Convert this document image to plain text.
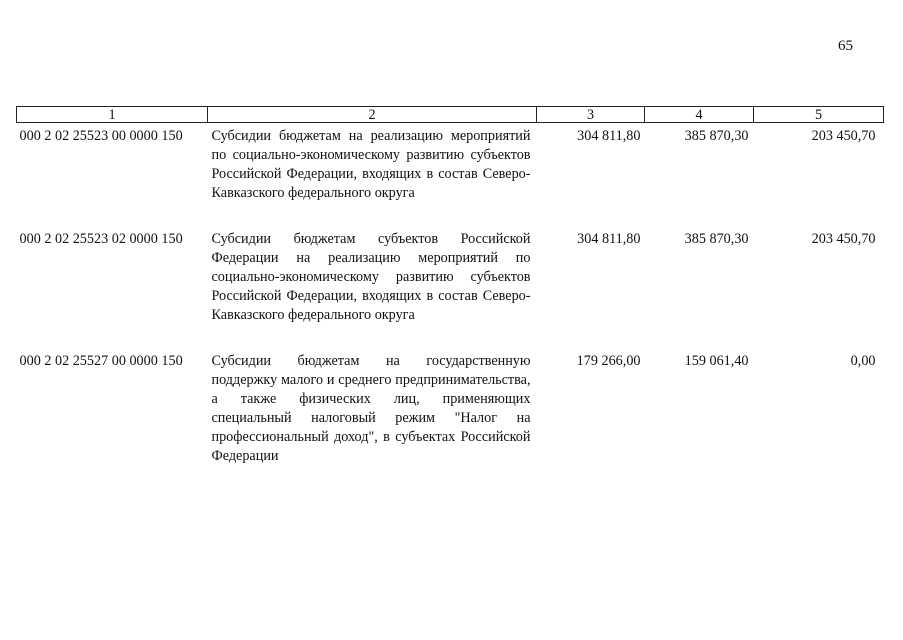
65
1	2	3	4	5
000 2 02 25523 00 0000 150	Субсидии бюджетам на реализацию мероприятий по социально-экономическому развитию субъектов Российской Федерации, входящих в состав Северо-Кавказского федерального округа	304 811,80	385 870,30	203 450,70

000 2 02 25523 02 0000 150	Субсидии бюджетам субъектов Российской Федерации на реализацию мероприятий по социально-экономическому развитию субъектов Российской Федерации, входящих в состав Северо-Кавказского федерального округа	304 811,80	385 870,30	203 450,70

000 2 02 25527 00 0000 150	Субсидии бюджетам на государственную поддержку малого и среднего предпринимательства, а также физических лиц, применяющих специальный налоговый режим "Налог на профессиональный доход", в субъектах Российской Федерации	179 266,00	159 061,40	0,00
